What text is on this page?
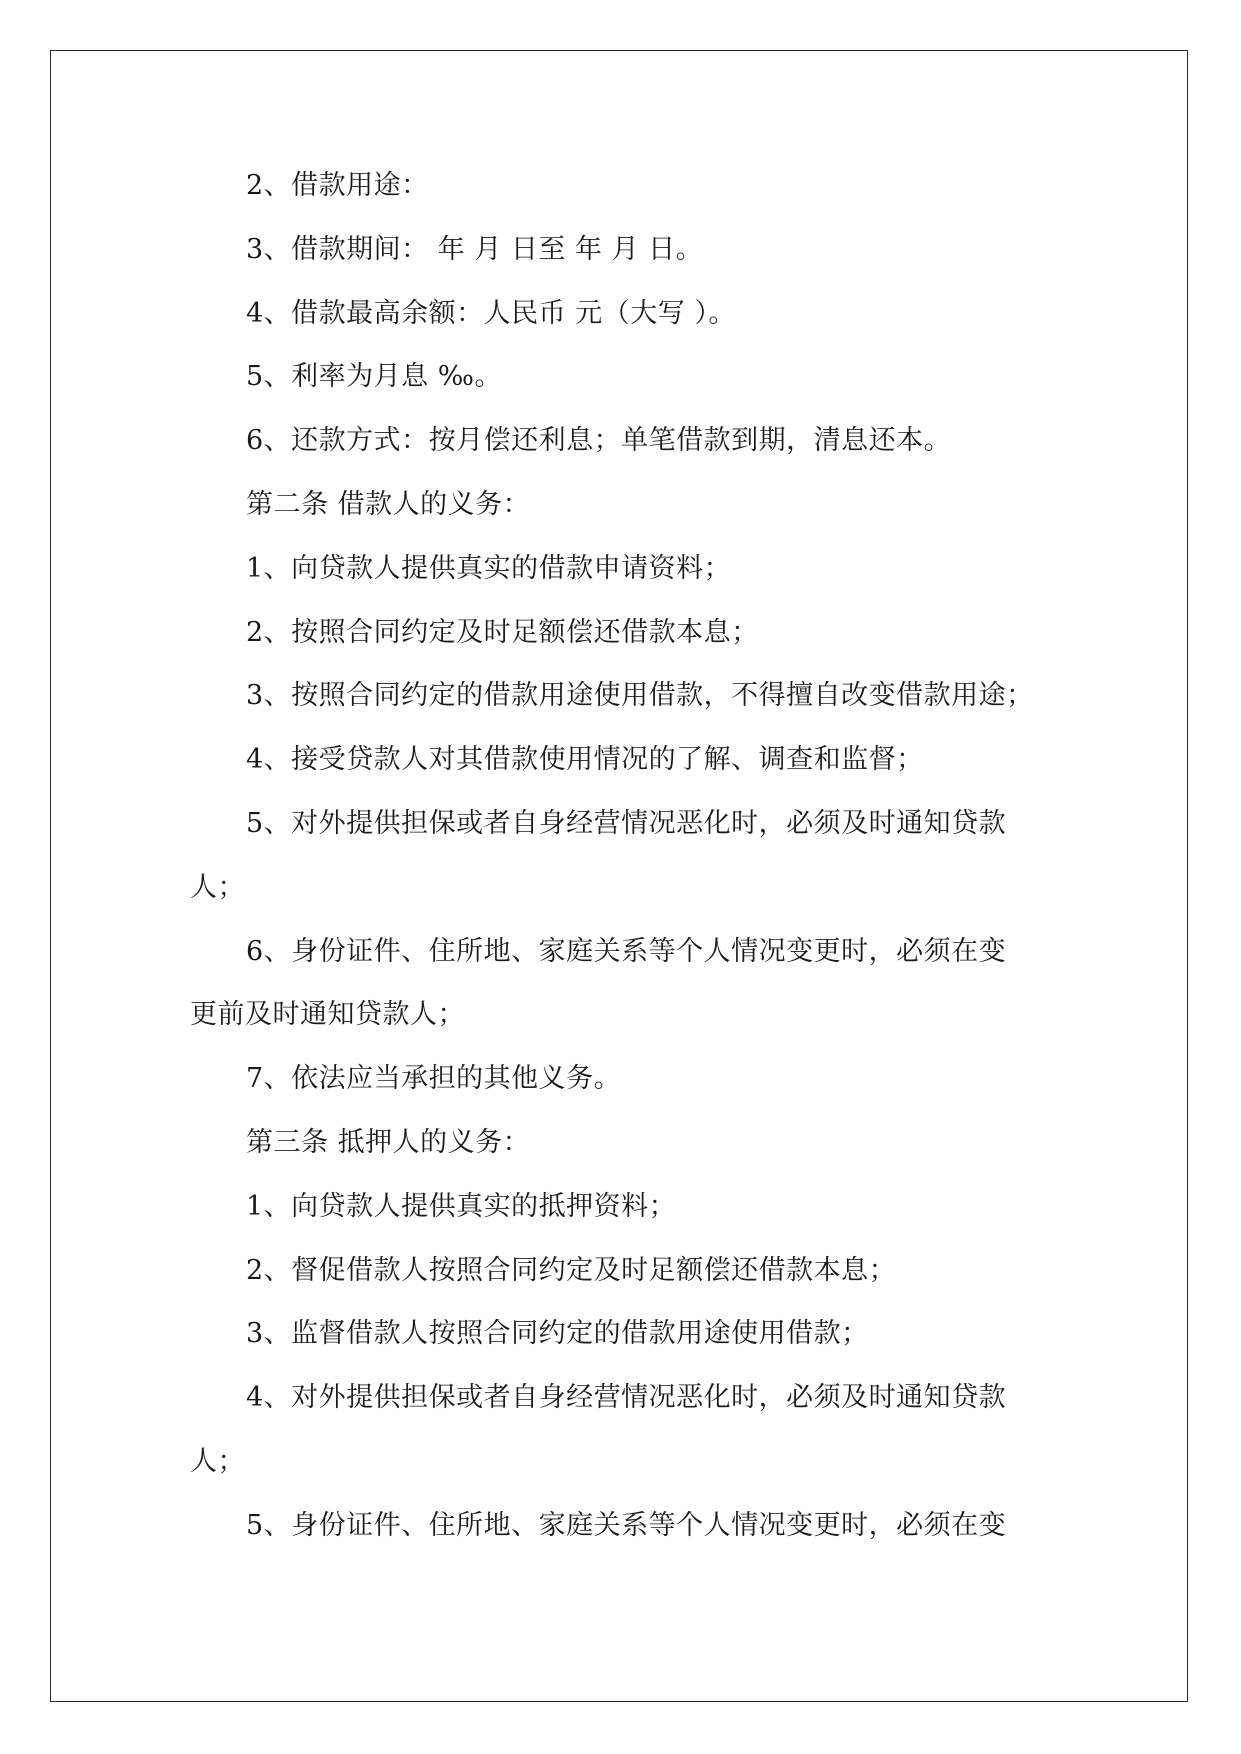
2、借款用途：
3、借款期间： 年 月 日至 年 月 日。
4、借款最高余额：人民币 元（大写 ）。
5、利率为月息 ‰。
6、还款方式：按月偿还利息；单笔借款到期，清息还本。
第二条 借款人的义务：
1、向贷款人提供真实的借款申请资料；
2、按照合同约定及时足额偿还借款本息；
3、按照合同约定的借款用途使用借款，不得擅自改变借款用途；
4、接受贷款人对其借款使用情况的了解、调查和监督；
5、对外提供担保或者自身经营情况恶化时，必须及时通知贷款
人；
6、身份证件、住所地、家庭关系等个人情况变更时，必须在变
更前及时通知贷款人；
7、依法应当承担的其他义务。
第三条 抵押人的义务：
1、向贷款人提供真实的抵押资料；
2、督促借款人按照合同约定及时足额偿还借款本息；
3、监督借款人按照合同约定的借款用途使用借款；
4、对外提供担保或者自身经营情况恶化时，必须及时通知贷款
人；
5、身份证件、住所地、家庭关系等个人情况变更时，必须在变
